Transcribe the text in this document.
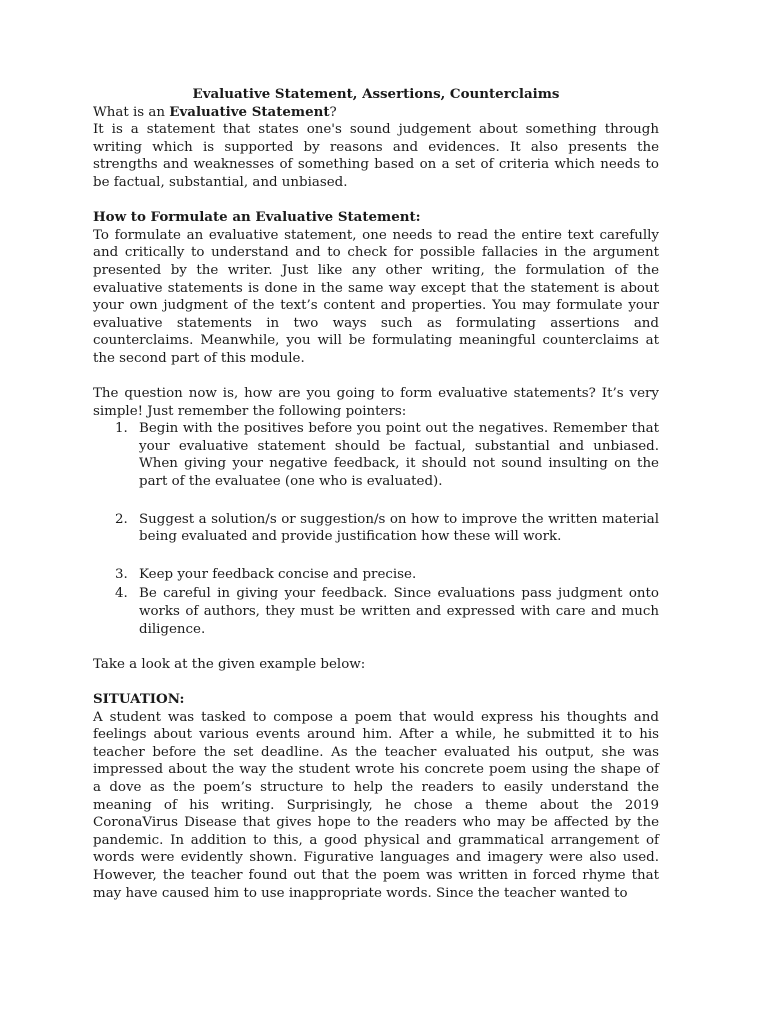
Evaluative Statement, Assertions, Counterclaims

What is an Evaluative Statement?

It is a statement that states one's sound judgement about something through writing which is supported by reasons and evidences. It also presents the strengths and weaknesses of something based on a set of criteria which needs to be factual, substantial, and unbiased.

How to Formulate an Evaluative Statement:

To formulate an evaluative statement, one needs to read the entire text carefully and critically to understand and to check for possible fallacies in the argument presented by the writer. Just like any other writing, the formulation of the evaluative statements is done in the same way except that the statement is about your own judgment of the text’s content and properties. You may formulate your evaluative statements in two ways such as formulating assertions and counterclaims. Meanwhile, you will be formulating meaningful counterclaims at the second part of this module.

The question now is, how are you going to form evaluative statements? It’s very simple! Just remember the following pointers:

1. Begin with the positives before you point out the negatives. Remember that your evaluative statement should be factual, substantial and unbiased. When giving your negative feedback, it should not sound insulting on the part of the evaluatee (one who is evaluated).
2. Suggest a solution/s or suggestion/s on how to improve the written material being evaluated and provide justification how these will work.
3. Keep your feedback concise and precise.
4. Be careful in giving your feedback. Since evaluations pass judgment onto works of authors, they must be written and expressed with care and much diligence.

Take a look at the given example below:

SITUATION:

A student was tasked to compose a poem that would express his thoughts and feelings about various events around him. After a while, he submitted it to his teacher before the set deadline. As the teacher evaluated his output, she was impressed about the way the student wrote his concrete poem using the shape of a dove as the poem’s structure to help the readers to easily understand the meaning of his writing. Surprisingly, he chose a theme about the 2019 CoronaVirus Disease that gives hope to the readers who may be affected by the pandemic. In addition to this, a good physical and grammatical arrangement of words were evidently shown. Figurative languages and imagery were also used. However, the teacher found out that the poem was written in forced rhyme that may have caused him to use inappropriate words. Since the teacher wanted to
